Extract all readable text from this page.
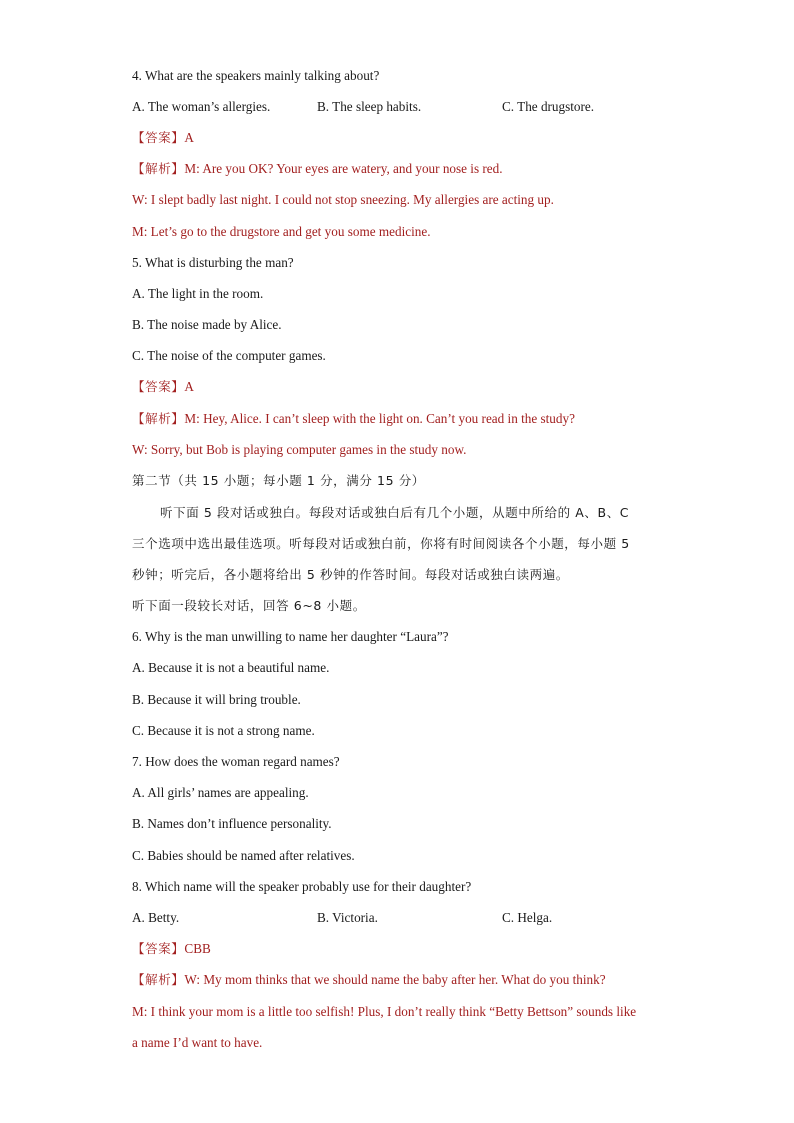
4. What are the speakers mainly talking about?
A. The woman’s allergies.	B. The sleep habits.	C. The drugstore.
【答案】A
【解析】M: Are you OK? Your eyes are watery, and your nose is red.
W: I slept badly last night. I could not stop sneezing. My allergies are acting up.
M: Let’s go to the drugstore and get you some medicine.
5. What is disturbing the man?
A. The light in the room.
B. The noise made by Alice.
C. The noise of the computer games.
【答案】A
【解析】M: Hey, Alice. I can’t sleep with the light on. Can’t you read in the study?
W: Sorry, but Bob is playing computer games in the study now.
第二节（共 15 小题；每小题 1 分，满分 15 分）
听下面 5 段对话或独白。每段对话或独白后有几个小题，从题中所给的 A、B、C
三个选项中选出最佳选项。听每段对话或独白前，你将有时间阅读各个小题，每小题 5
秒钟；听完后，各小题将给出 5 秒钟的作答时间。每段对话或独白读两遍。
听下面一段较长对话，回答 6~8 小题。
6. Why is the man unwilling to name her daughter “Laura”?
A. Because it is not a beautiful name.
B. Because it will bring trouble.
C. Because it is not a strong name.
7. How does the woman regard names?
A. All girls’ names are appealing.
B. Names don’t influence personality.
C. Babies should be named after relatives.
8. Which name will the speaker probably use for their daughter?
A. Betty.	B. Victoria.	C. Helga.
【答案】CBB
【解析】W: My mom thinks that we should name the baby after her. What do you think?
M: I think your mom is a little too selfish! Plus, I don’t really think “Betty Bettson” sounds like
a name I’d want to have.
